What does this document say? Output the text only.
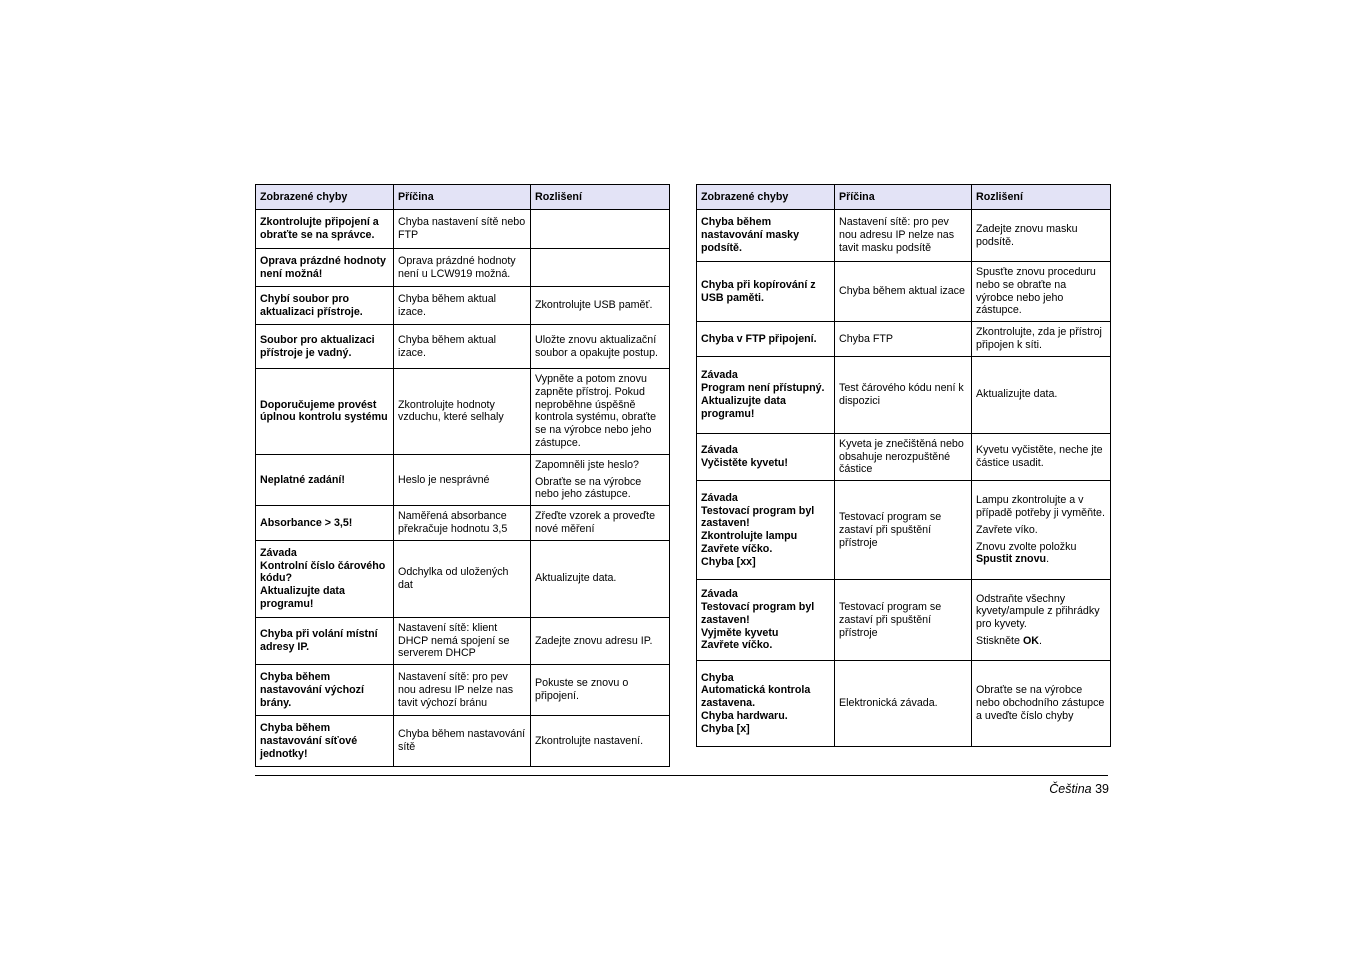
Zobrazené chyby	Příčina	Rozlišení

Zkontrolujte připojení a obraťte se na správce.	Chyba nastavení sítě nebo FTP	

Oprava prázdné hodnoty není možná!	Oprava prázdné hodnoty není u LCW919 možná.	

Chybí soubor pro aktualizaci přístroje.	Chyba během aktual izace.	Zkontrolujte USB paměť.

Soubor pro aktualizaci přístroje je vadný.	Chyba během aktual izace.	Uložte znovu aktualizační soubor a opakujte postup.

Doporučujeme provést úplnou kontrolu systému	Zkontrolujte hodnoty vzduchu, které selhaly	Vypněte a potom znovu zapněte přístroj. Pokud neproběhne úspěšně kontrola systému, obraťte se na výrobce nebo jeho zástupce.

Neplatné zadání!	Heslo je nesprávné	Zapomněli jste heslo?
Obraťte se na výrobce nebo jeho zástupce.

Absorbance > 3,5!	Naměřená absorbance překračuje hodnotu 3,5	Zřeďte vzorek a proveďte nové měření

Závada
Kontrolní číslo čárového kódu?
Aktualizujte data programu!	Odchylka od uložených dat	Aktualizujte data.

Chyba při volání místní adresy IP.	Nastavení sítě: klient DHCP nemá spojení se serverem DHCP	Zadejte znovu adresu IP.

Chyba během nastavování výchozí brány.	Nastavení sítě: pro pev nou adresu IP nelze nas tavit výchozí bránu	Pokuste se znovu o připojení.

Chyba během nastavování síťové jednotky!	Chyba během nastavování sítě	Zkontrolujte nastavení.
Zobrazené chyby	Příčina	Rozlišení

Chyba během nastavování masky podsítě.	Nastavení sítě: pro pev nou adresu IP nelze nas tavit masku podsítě	Zadejte znovu masku podsítě.

Chyba při kopírování z USB paměti.	Chyba během aktual izace	Spusťte znovu proceduru nebo se obraťte na výrobce nebo jeho zástupce.

Chyba v FTP připojení.	Chyba FTP	Zkontrolujte, zda je přístroj připojen k síti.

Závada
Program není přístupný.
Aktualizujte data programu!	Test čárového kódu není k dispozici	Aktualizujte data.

Závada
Vyčistěte kyvetu!	Kyveta je znečištěná nebo obsahuje nerozpuštěné částice	Kyvetu vyčistěte, neche jte částice usadit.

Závada
Testovací program byl zastaven!
Zkontrolujte lampu
Zavřete víčko.
Chyba [xx]	Testovací program se zastaví při spuštění přístroje	Lampu zkontrolujte a v případě potřeby ji vyměňte.
Zavřete víko.
Znovu zvolte položku Spustit znovu.

Závada
Testovací program byl zastaven!
Vyjměte kyvetu
Zavřete víčko.	Testovací program se zastaví při spuštění přístroje	Odstraňte všechny kyvety/ampule z přihrádky pro kyvety.
Stiskněte OK.

Chyba
Automatická kontrola zastavena.
Chyba hardwaru.
Chyba [x]	Elektronická závada.	Obraťte se na výrobce nebo obchodního zástupce a uveďte číslo chyby
Čeština 39
